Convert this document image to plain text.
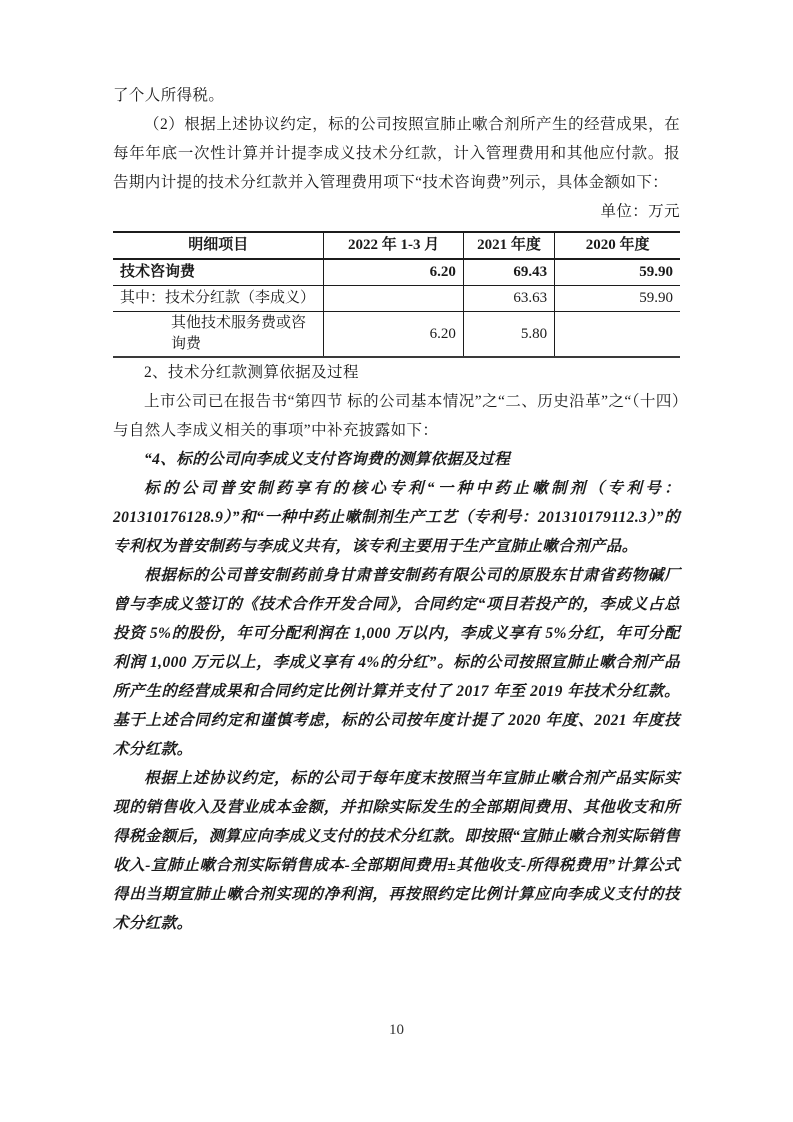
了个人所得税。

（2）根据上述协议约定，标的公司按照宣肺止嗽合剂所产生的经营成果，在每年年底一次性计算并计提李成义技术分红款，计入管理费用和其他应付款。报告期内计提的技术分红款并入管理费用项下“技术咨询费”列示，具体金额如下：

单位：万元

明细项目	2022 年 1-3 月	2021 年度	2020 年度
技术咨询费	6.20	69.43	59.90
其中：技术分红款（李成义）		63.63	59.90
其他技术服务费或咨询费	6.20	5.80	

2、技术分红款测算依据及过程

上市公司已在报告书“第四节 标的公司基本情况”之“二、历史沿革”之“（十四）与自然人李成义相关的事项”中补充披露如下：

“4、标的公司向李成义支付咨询费的测算依据及过程

标的公司普安制药享有的核心专利“一种中药止嗽制剂（专利号：201310176128.9）”和“一种中药止嗽制剂生产工艺（专利号：201310179112.3）”的专利权为普安制药与李成义共有，该专利主要用于生产宣肺止嗽合剂产品。

根据标的公司普安制药前身甘肃普安制药有限公司的原股东甘肃省药物碱厂曾与李成义签订的《技术合作开发合同》，合同约定“项目若投产的，李成义占总投资 5%的股份，年可分配利润在 1,000 万以内，李成义享有 5%分红，年可分配利润 1,000 万元以上，李成义享有 4%的分红”。标的公司按照宣肺止嗽合剂产品所产生的经营成果和合同约定比例计算并支付了 2017 年至 2019 年技术分红款。基于上述合同约定和谨慎考虑，标的公司按年度计提了 2020 年度、2021 年度技术分红款。

根据上述协议约定，标的公司于每年度末按照当年宣肺止嗽合剂产品实际实现的销售收入及营业成本金额，并扣除实际发生的全部期间费用、其他收支和所得税金额后，测算应向李成义支付的技术分红款。即按照“宣肺止嗽合剂实际销售收入-宣肺止嗽合剂实际销售成本-全部期间费用±其他收支-所得税费用”计算公式得出当期宣肺止嗽合剂实现的净利润，再按照约定比例计算应向李成义支付的技术分红款。

10
